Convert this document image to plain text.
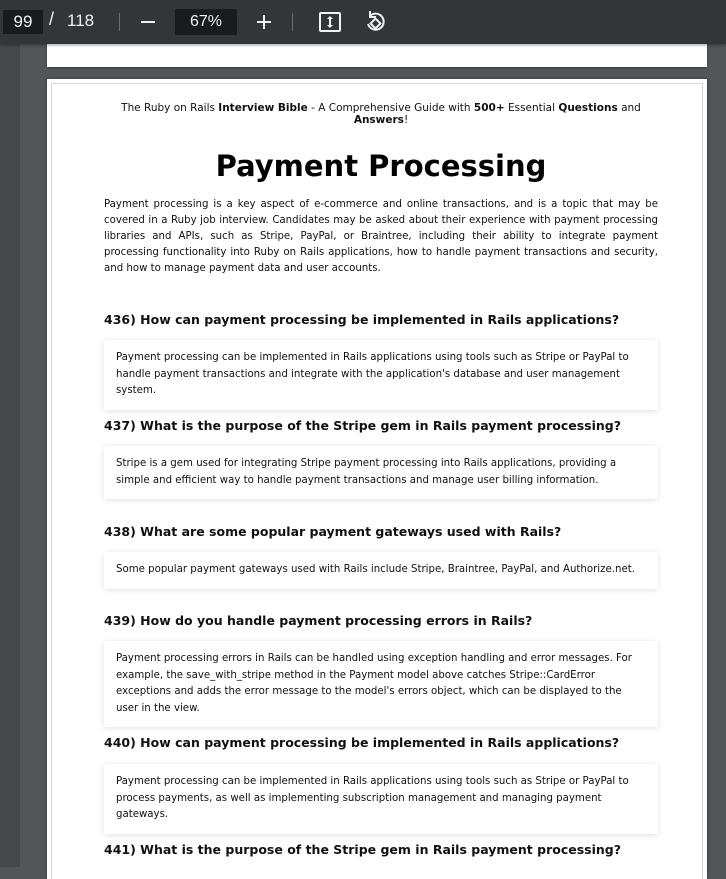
99 / 118	67%
The Ruby on Rails Interview Bible - A Comprehensive Guide with 500+ Essential Questions and Answers!
Payment Processing
Payment processing is a key aspect of e-commerce and online transactions, and is a topic that may be covered in a Ruby job interview. Candidates may be asked about their experience with payment processing libraries and APIs, such as Stripe, PayPal, or Braintree, including their ability to integrate payment processing functionality into Ruby on Rails applications, how to handle payment transactions and security, and how to manage payment data and user accounts.
436) How can payment processing be implemented in Rails applications?
Payment processing can be implemented in Rails applications using tools such as Stripe or PayPal to handle payment transactions and integrate with the application's database and user management system.
437) What is the purpose of the Stripe gem in Rails payment processing?
Stripe is a gem used for integrating Stripe payment processing into Rails applications, providing a simple and efficient way to handle payment transactions and manage user billing information.
438) What are some popular payment gateways used with Rails?
Some popular payment gateways used with Rails include Stripe, Braintree, PayPal, and Authorize.net.
439) How do you handle payment processing errors in Rails?
Payment processing errors in Rails can be handled using exception handling and error messages. For example, the save_with_stripe method in the Payment model above catches Stripe::CardError exceptions and adds the error message to the model's errors object, which can be displayed to the user in the view.
440) How can payment processing be implemented in Rails applications?
Payment processing can be implemented in Rails applications using tools such as Stripe or PayPal to process payments, as well as implementing subscription management and managing payment gateways.
441) What is the purpose of the Stripe gem in Rails payment processing?
